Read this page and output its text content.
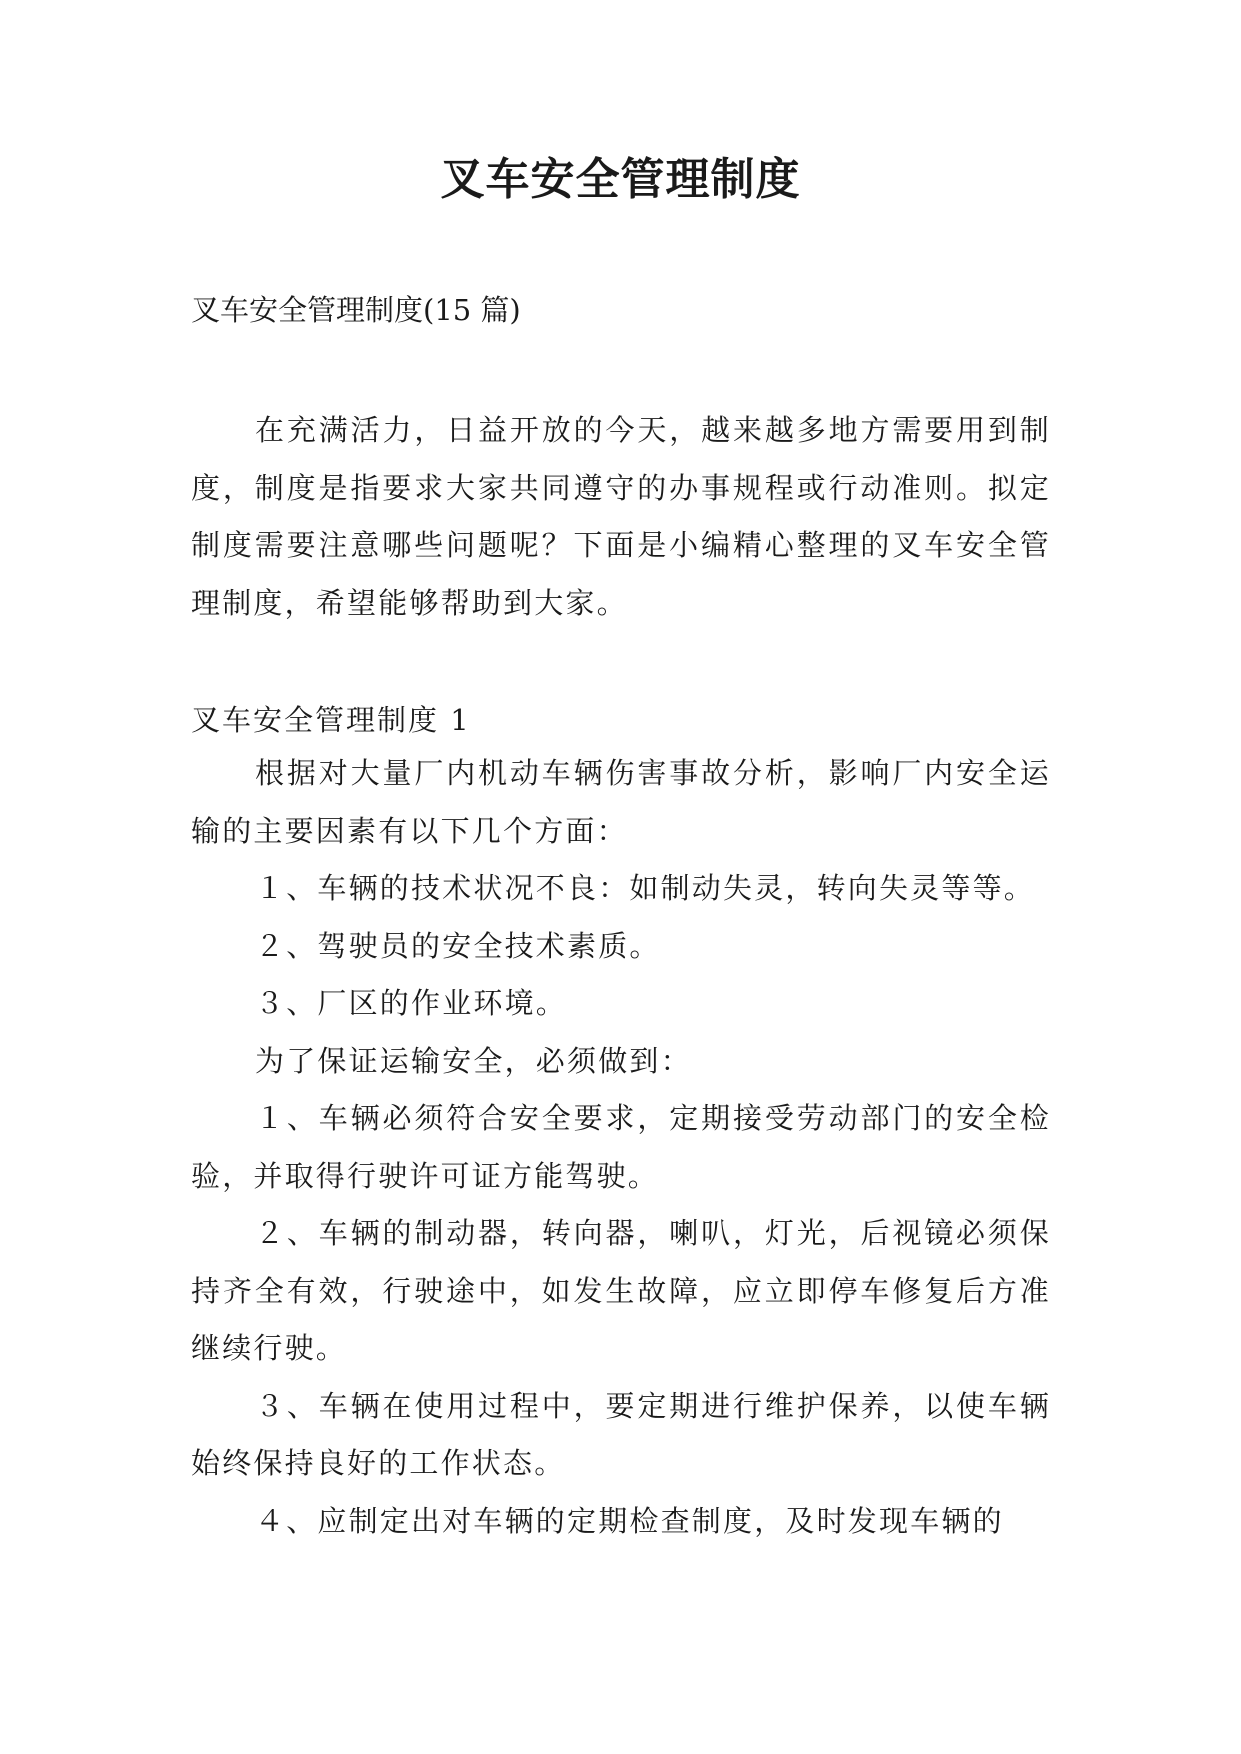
叉车安全管理制度

叉车安全管理制度(15 篇)

在充满活力，日益开放的今天，越来越多地方需要用到制度，制度是指要求大家共同遵守的办事规程或行动准则。拟定制度需要注意哪些问题呢？下面是小编精心整理的叉车安全管理制度，希望能够帮助到大家。

叉车安全管理制度 1

根据对大量厂内机动车辆伤害事故分析，影响厂内安全运输的主要因素有以下几个方面：

１、车辆的技术状况不良：如制动失灵，转向失灵等等。

２、驾驶员的安全技术素质。

３、厂区的作业环境。

为了保证运输安全，必须做到：

１、车辆必须符合安全要求，定期接受劳动部门的安全检验，并取得行驶许可证方能驾驶。

２、车辆的制动器，转向器，喇叭，灯光，后视镜必须保持齐全有效，行驶途中，如发生故障，应立即停车修复后方准继续行驶。

３、车辆在使用过程中，要定期进行维护保养，以使车辆始终保持良好的工作状态。

４、应制定出对车辆的定期检查制度，及时发现车辆的
